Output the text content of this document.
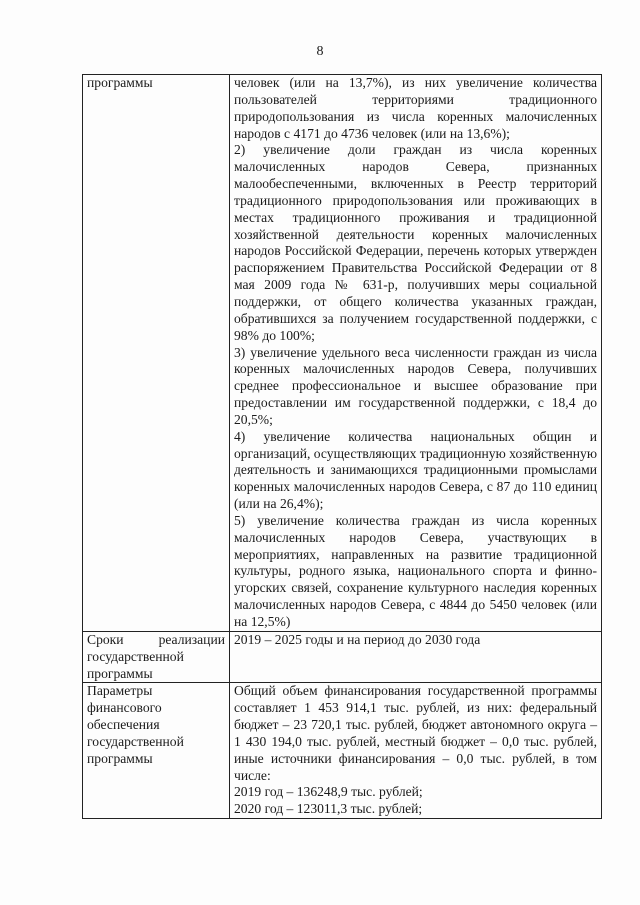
8
программы	человек (или на 13,7%), из них увеличение количества пользователей территориями традиционного природопользования из числа коренных малочисленных народов с 4171 до 4736 человек (или на 13,6%);

2) увеличение доли граждан из числа коренных малочисленных народов Севера, признанных малообеспеченными, включенных в Реестр территорий традиционного природопользования или проживающих в местах традиционного проживания и традиционной хозяйственной деятельности коренных малочисленных народов Российской Федерации, перечень которых утвержден распоряжением Правительства Российской Федерации от 8 мая 2009 года № 631-р, получивших меры социальной поддержки, от общего количества указанных граждан, обратившихся за получением государственной поддержки, с 98% до 100%;

3) увеличение удельного веса численности граждан из числа коренных малочисленных народов Севера, получивших среднее профессиональное и высшее образование при предоставлении им государственной поддержки, с 18,4 до 20,5%;

4) увеличение количества национальных общин и организаций, осуществляющих традиционную хозяйственную деятельность и занимающихся традиционными промыслами коренных малочисленных народов Севера, с 87 до 110 единиц (или на 26,4%);

5) увеличение количества граждан из числа коренных малочисленных народов Севера, участвующих в мероприятиях, направленных на развитие традиционной культуры, родного языка, национального спорта и финно-угорских связей, сохранение культурного наследия коренных малочисленных народов Севера, с 4844 до 5450 человек (или на 12,5%)

Сроки реализации государственной программы	2019 – 2025 годы и на период до 2030 года

Параметры финансового обеспечения государственной программы	Общий объем финансирования государственной программы составляет 1 453 914,1 тыс. рублей, из них: федеральный бюджет – 23 720,1 тыс. рублей, бюджет автономного округа – 1 430 194,0 тыс. рублей, местный бюджет – 0,0 тыс. рублей, иные источники финансирования – 0,0 тыс. рублей, в том числе:

2019 год – 136248,9 тыс. рублей;
2020 год – 123011,3 тыс. рублей;
